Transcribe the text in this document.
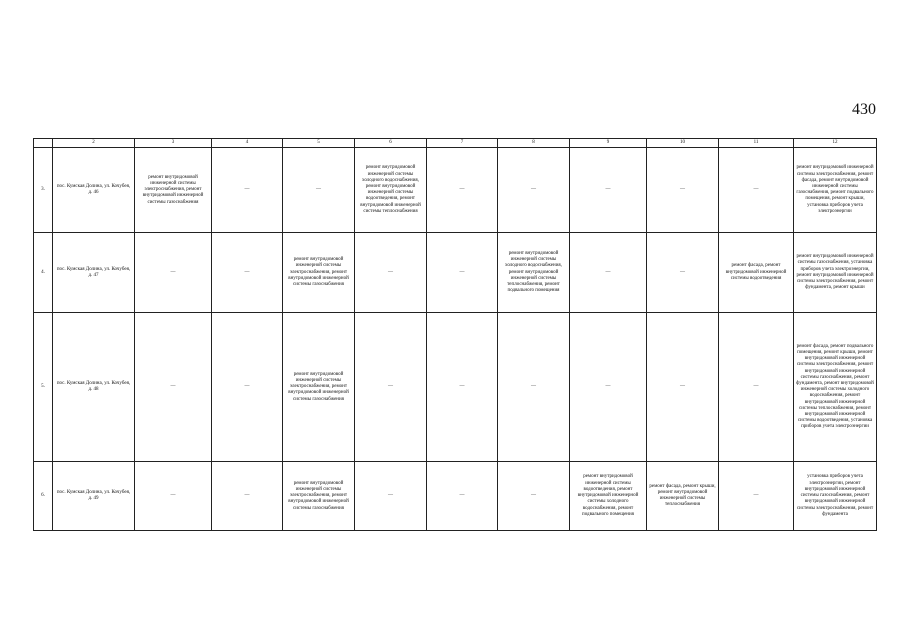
430
	2	3	4	5	6	7	8	9	10	11	12
3.	пос. Кумская Долина, ул. Кочубея, д. 46	ремонт внутридомовой инженерной системы электроснабжения, ремонт внутридомовой инженерной системы газоснабжения	—	—	ремонт внутридомовой инженерной системы холодного водоснабжения, ремонт внутридомовой инженерной системы водоотведения, ремонт внутридомовой инженерной системы теплоснабжения	—	—	—	—	—	ремонт внутридомовой инженерной системы электроснабжения, ремонт фасада, ремонт внутридомовой инженерной системы газоснабжения, ремонт подвального помещения, ремонт крыши, установка приборов учета электроэнергии
4.	пос. Кумская Долина, ул. Кочубея, д. 47	—	—	ремонт внутридомовой инженерной системы электроснабжения, ремонт внутридомовой инженерной системы газоснабжения	—	—	ремонт внутридомовой инженерной системы холодного водоснабжения, ремонт внутридомовой инженерной системы теплоснабжения, ремонт подвального помещения	—	—	ремонт фасада, ремонт внутридомовой инженерной системы водоотведения	ремонт внутридомовой инженерной системы газоснабжения, установка приборов учета электроэнергии, ремонт внутридомовой инженерной системы электроснабжения, ремонт фундамента, ремонт крыши
5.	пос. Кумская Долина, ул. Кочубея, д. 48	—	—	ремонт внутридомовой инженерной системы электроснабжения, ремонт внутридомовой инженерной системы газоснабжения	—	—	—	—	—	—	ремонт фасада, ремонт подвального помещения, ремонт крыши, ремонт внутридомовой инженерной системы электроснабжения, ремонт внутридомовой инженерной системы газоснабжения, ремонт фундамента, ремонт внутридомовой инженерной системы холодного водоснабжения, ремонт внутридомовой инженерной системы теплоснабжения, ремонт внутридомовой инженерной системы водоотведения, установка приборов учета электроэнергии
6.	пос. Кумская Долина, ул. Кочубея, д. 49	—	—	ремонт внутридомовой инженерной системы электроснабжения, ремонт внутридомовой инженерной системы газоснабжения	—	—	—	ремонт внутридомовой инженерной системы водоотведения, ремонт внутридомовой инженерной системы холодного водоснабжения, ремонт подвального помещения	ремонт фасада, ремонт крыши, ремонт внутридомовой инженерной системы теплоснабжения	—	установка приборов учета электроэнергии, ремонт внутридомовой инженерной системы газоснабжения, ремонт внутридомовой инженерной системы электроснабжения, ремонт фундамента
